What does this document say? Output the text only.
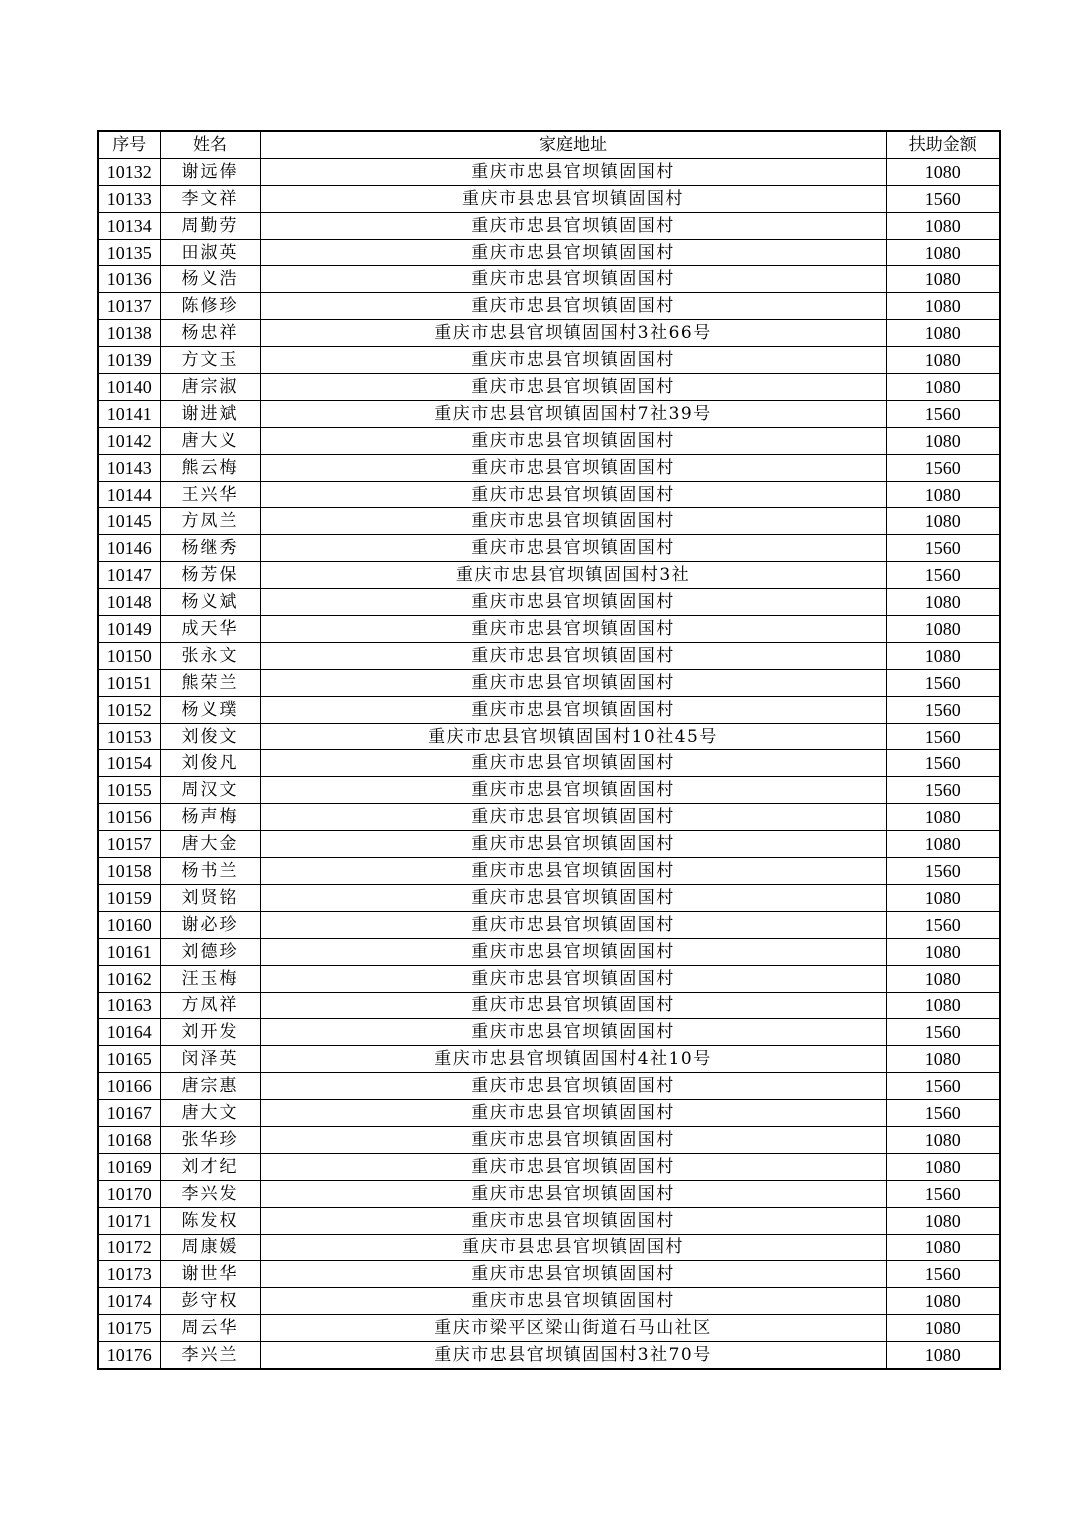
序号	姓名	家庭地址	扶助金额
10132	谢远俸	重庆市忠县官坝镇固国村	1080
10133	李文祥	重庆市县忠县官坝镇固国村	1560
10134	周勤劳	重庆市忠县官坝镇固国村	1080
10135	田淑英	重庆市忠县官坝镇固国村	1080
10136	杨义浩	重庆市忠县官坝镇固国村	1080
10137	陈修珍	重庆市忠县官坝镇固国村	1080
10138	杨忠祥	重庆市忠县官坝镇固国村3社66号	1080
10139	方文玉	重庆市忠县官坝镇固国村	1080
10140	唐宗淑	重庆市忠县官坝镇固国村	1080
10141	谢进斌	重庆市忠县官坝镇固国村7社39号	1560
10142	唐大义	重庆市忠县官坝镇固国村	1080
10143	熊云梅	重庆市忠县官坝镇固国村	1560
10144	王兴华	重庆市忠县官坝镇固国村	1080
10145	方凤兰	重庆市忠县官坝镇固国村	1080
10146	杨继秀	重庆市忠县官坝镇固国村	1560
10147	杨芳保	重庆市忠县官坝镇固国村3社	1560
10148	杨义斌	重庆市忠县官坝镇固国村	1080
10149	成天华	重庆市忠县官坝镇固国村	1080
10150	张永文	重庆市忠县官坝镇固国村	1080
10151	熊荣兰	重庆市忠县官坝镇固国村	1560
10152	杨义璞	重庆市忠县官坝镇固国村	1560
10153	刘俊文	重庆市忠县官坝镇固国村10社45号	1560
10154	刘俊凡	重庆市忠县官坝镇固国村	1560
10155	周汉文	重庆市忠县官坝镇固国村	1560
10156	杨声梅	重庆市忠县官坝镇固国村	1080
10157	唐大金	重庆市忠县官坝镇固国村	1080
10158	杨书兰	重庆市忠县官坝镇固国村	1560
10159	刘贤铭	重庆市忠县官坝镇固国村	1080
10160	谢必珍	重庆市忠县官坝镇固国村	1560
10161	刘德珍	重庆市忠县官坝镇固国村	1080
10162	汪玉梅	重庆市忠县官坝镇固国村	1080
10163	方凤祥	重庆市忠县官坝镇固国村	1080
10164	刘开发	重庆市忠县官坝镇固国村	1560
10165	闵泽英	重庆市忠县官坝镇固国村4社10号	1080
10166	唐宗惠	重庆市忠县官坝镇固国村	1560
10167	唐大文	重庆市忠县官坝镇固国村	1560
10168	张华珍	重庆市忠县官坝镇固国村	1080
10169	刘才纪	重庆市忠县官坝镇固国村	1080
10170	李兴发	重庆市忠县官坝镇固国村	1560
10171	陈发权	重庆市忠县官坝镇固国村	1080
10172	周康媛	重庆市县忠县官坝镇固国村	1080
10173	谢世华	重庆市忠县官坝镇固国村	1560
10174	彭守权	重庆市忠县官坝镇固国村	1080
10175	周云华	重庆市梁平区梁山街道石马山社区	1080
10176	李兴兰	重庆市忠县官坝镇固国村3社70号	1080
